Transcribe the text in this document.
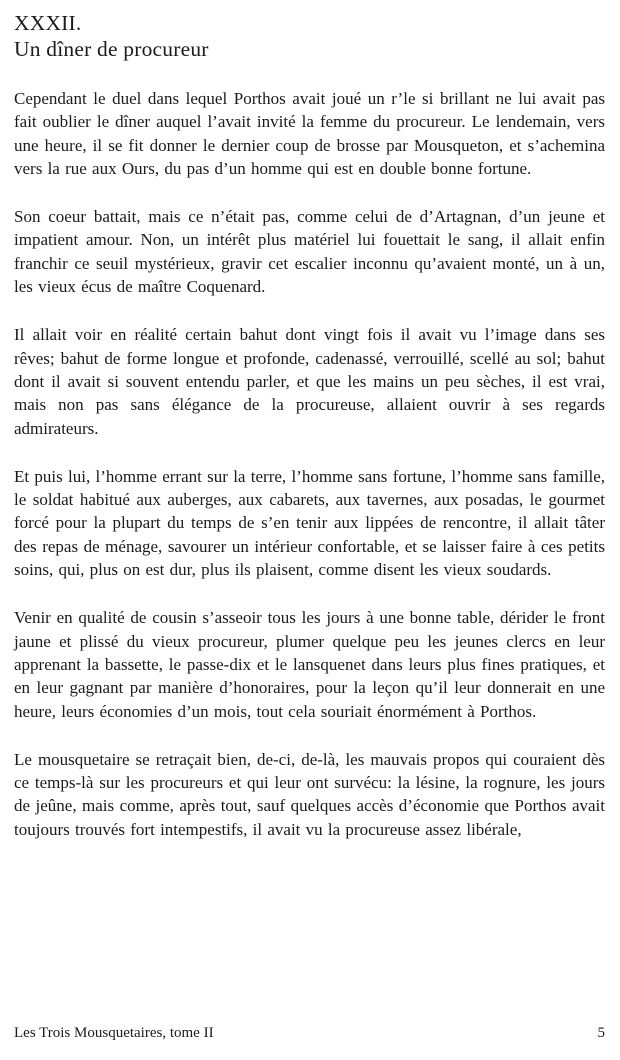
XXXII.
Un dîner de procureur

Cependant le duel dans lequel Porthos avait joué un r’le si brillant ne lui avait pas fait oublier le dîner auquel l’avait invité la femme du procureur. Le lendemain, vers une heure, il se fit donner le dernier coup de brosse par Mousqueton, et s’achemina vers la rue aux Ours, du pas d’un homme qui est en double bonne fortune.

Son coeur battait, mais ce n’était pas, comme celui de d’Artagnan, d’un jeune et impatient amour. Non, un intérêt plus matériel lui fouettait le sang, il allait enfin franchir ce seuil mystérieux, gravir cet escalier inconnu qu’avaient monté, un à un, les vieux écus de maître Coquenard.

Il allait voir en réalité certain bahut dont vingt fois il avait vu l’image dans ses rêves; bahut de forme longue et profonde, cadenassé, verrouillé, scellé au sol; bahut dont il avait si souvent entendu parler, et que les mains un peu sèches, il est vrai, mais non pas sans élégance de la procureuse, allaient ouvrir à ses regards admirateurs.

Et puis lui, l’homme errant sur la terre, l’homme sans fortune, l’homme sans famille, le soldat habitué aux auberges, aux cabarets, aux tavernes, aux posadas, le gourmet forcé pour la plupart du temps de s’en tenir aux lippées de rencontre, il allait tâter des repas de ménage, savourer un intérieur confortable, et se laisser faire à ces petits soins, qui, plus on est dur, plus ils plaisent, comme disent les vieux soudards.

Venir en qualité de cousin s’asseoir tous les jours à une bonne table, dérider le front jaune et plissé du vieux procureur, plumer quelque peu les jeunes clercs en leur apprenant la bassette, le passe-dix et le lansquenet dans leurs plus fines pratiques, et en leur gagnant par manière d’honoraires, pour la leçon qu’il leur donnerait en une heure, leurs économies d’un mois, tout cela souriait énormément à Porthos.

Le mousquetaire se retraçait bien, de-ci, de-là, les mauvais propos qui couraient dès ce temps-là sur les procureurs et qui leur ont survécu: la lésine, la rognure, les jours de jeûne, mais comme, après tout, sauf quelques accès d’économie que Porthos avait toujours trouvés fort intempestifs, il avait vu la procureuse assez libérale,

Les Trois Mousquetaires, tome II	5
